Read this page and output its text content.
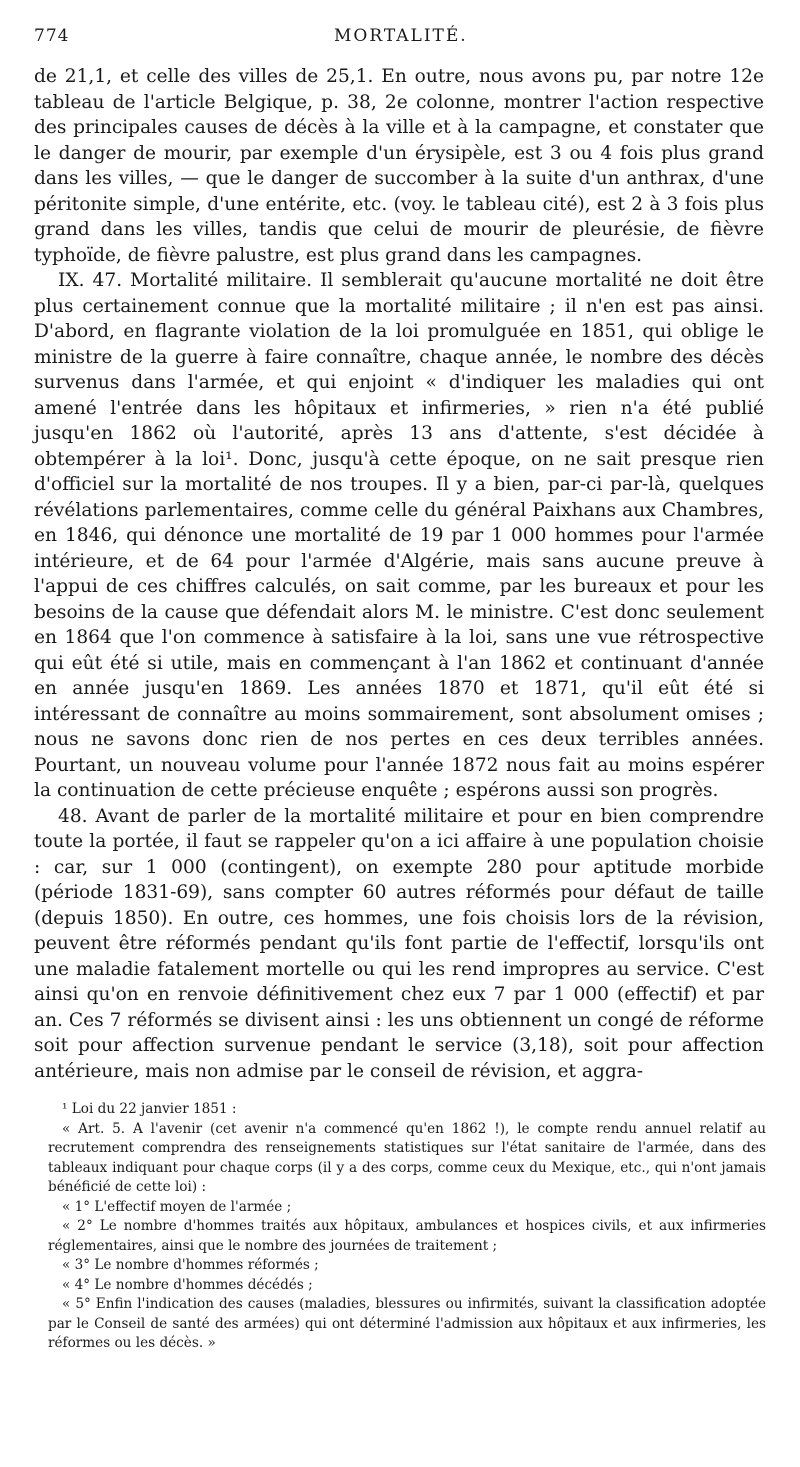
774	MORTALITÉ.

de 21,1, et celle des villes de 25,1. En outre, nous avons pu, par notre 12e tableau de l'article Belgique, p. 38, 2e colonne, montrer l'action respective des principales causes de décès à la ville et à la campagne, et constater que le danger de mourir, par exemple d'un érysipèle, est 3 ou 4 fois plus grand dans les villes, — que le danger de succomber à la suite d'un anthrax, d'une péritonite simple, d'une entérite, etc. (voy. le tableau cité), est 2 à 3 fois plus grand dans les villes, tandis que celui de mourir de pleurésie, de fièvre typhoïde, de fièvre palustre, est plus grand dans les campagnes.

IX. 47. Mortalité militaire. Il semblerait qu'aucune mortalité ne doit être plus certainement connue que la mortalité militaire ; il n'en est pas ainsi. D'abord, en flagrante violation de la loi promulguée en 1851, qui oblige le ministre de la guerre à faire connaître, chaque année, le nombre des décès survenus dans l'armée, et qui enjoint « d'indiquer les maladies qui ont amené l'entrée dans les hôpitaux et infirmeries, » rien n'a été publié jusqu'en 1862 où l'autorité, après 13 ans d'attente, s'est décidée à obtempérer à la loi¹. Donc, jusqu'à cette époque, on ne sait presque rien d'officiel sur la mortalité de nos troupes. Il y a bien, par-ci par-là, quelques révélations parlementaires, comme celle du général Paixhans aux Chambres, en 1846, qui dénonce une mortalité de 19 par 1 000 hommes pour l'armée intérieure, et de 64 pour l'armée d'Algérie, mais sans aucune preuve à l'appui de ces chiffres calculés, on sait comme, par les bureaux et pour les besoins de la cause que défendait alors M. le ministre. C'est donc seulement en 1864 que l'on commence à satisfaire à la loi, sans une vue rétrospective qui eût été si utile, mais en commençant à l'an 1862 et continuant d'année en année jusqu'en 1869. Les années 1870 et 1871, qu'il eût été si intéressant de connaître au moins sommairement, sont absolument omises ; nous ne savons donc rien de nos pertes en ces deux terribles années. Pourtant, un nouveau volume pour l'année 1872 nous fait au moins espérer la continuation de cette précieuse enquête ; espérons aussi son progrès.

48. Avant de parler de la mortalité militaire et pour en bien comprendre toute la portée, il faut se rappeler qu'on a ici affaire à une population choisie : car, sur 1 000 (contingent), on exempte 280 pour aptitude morbide (période 1831-69), sans compter 60 autres réformés pour défaut de taille (depuis 1850). En outre, ces hommes, une fois choisis lors de la révision, peuvent être réformés pendant qu'ils font partie de l'effectif, lorsqu'ils ont une maladie fatalement mortelle ou qui les rend impropres au service. C'est ainsi qu'on en renvoie définitivement chez eux 7 par 1 000 (effectif) et par an. Ces 7 réformés se divisent ainsi : les uns obtiennent un congé de réforme soit pour affection survenue pendant le service (3,18), soit pour affection antérieure, mais non admise par le conseil de révision, et aggra-

¹ Loi du 22 janvier 1851 :

« Art. 5. A l'avenir (cet avenir n'a commencé qu'en 1862 !), le compte rendu annuel relatif au recrutement comprendra des renseignements statistiques sur l'état sanitaire de l'armée, dans des tableaux indiquant pour chaque corps (il y a des corps, comme ceux du Mexique, etc., qui n'ont jamais bénéficié de cette loi) :

« 1° L'effectif moyen de l'armée ;

« 2° Le nombre d'hommes traités aux hôpitaux, ambulances et hospices civils, et aux infirmeries réglementaires, ainsi que le nombre des journées de traitement ;

« 3° Le nombre d'hommes réformés ;

« 4° Le nombre d'hommes décédés ;

« 5° Enfin l'indication des causes (maladies, blessures ou infirmités, suivant la classification adoptée par le Conseil de santé des armées) qui ont déterminé l'admission aux hôpitaux et aux infirmeries, les réformes ou les décès. »
